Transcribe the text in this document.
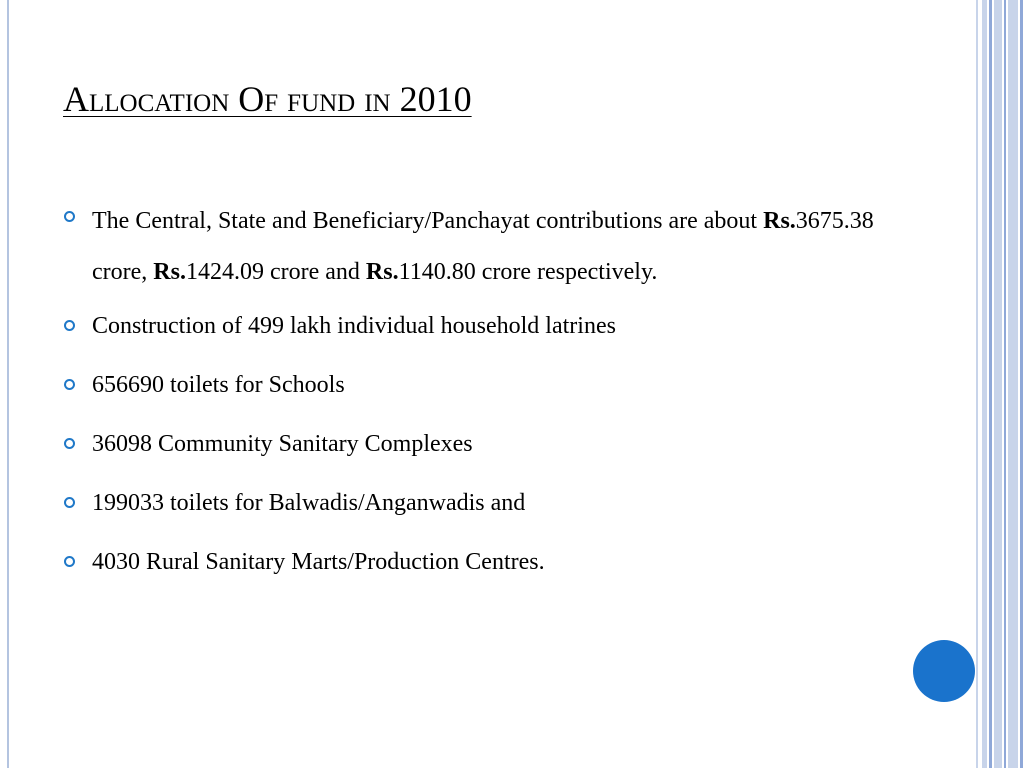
Allocation Of fund in 2010
The Central, State and Beneficiary/Panchayat contributions are about Rs.3675.38 crore, Rs.1424.09 crore and Rs.1140.80 crore respectively.
Construction of 499 lakh individual household latrines
656690 toilets for Schools
36098 Community Sanitary Complexes
199033 toilets for Balwadis/Anganwadis and
4030 Rural Sanitary Marts/Production Centres.
